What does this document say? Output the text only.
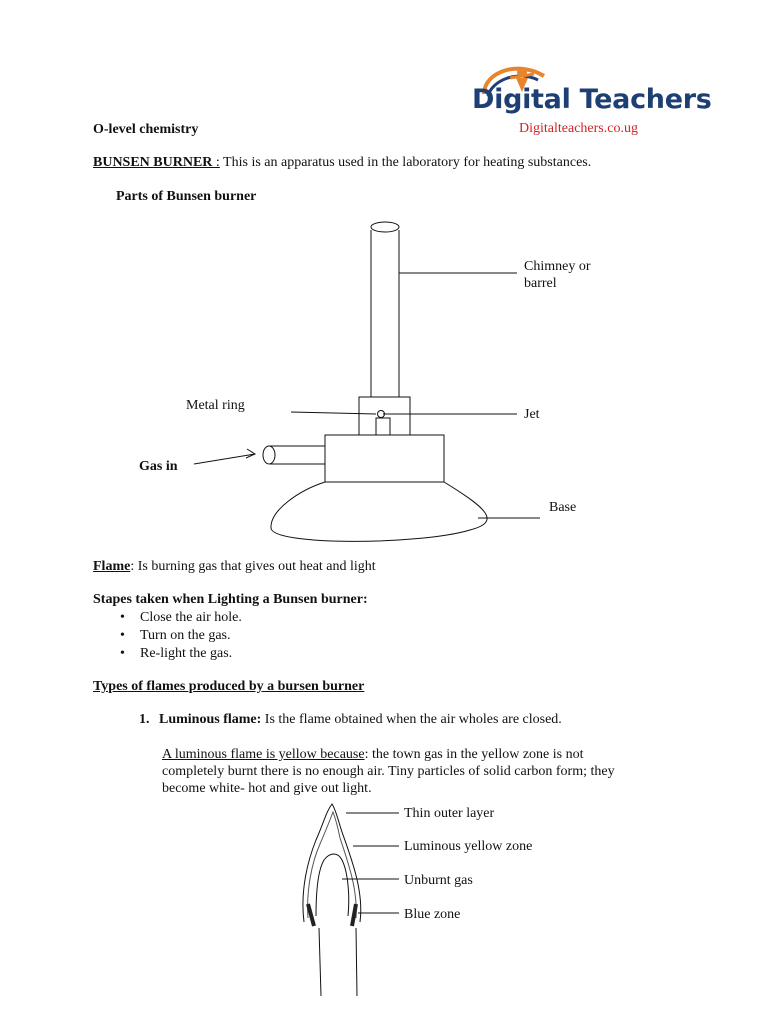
Digital Teachers
Digitalteachers.co.ug
O-level chemistry
BUNSEN BURNER : This is an apparatus used in the laboratory for heating substances.
Parts of Bunsen burner
Chimney or
barrel
Metal ring
Jet
Gas in
Base
Flame: Is burning gas that gives out heat and light
Stapes taken when Lighting a Bunsen burner:
• Close the air hole.
• Turn on the gas.
• Re-light the gas.
Types of flames produced by a bursen burner
1. Luminous flame: Is the flame obtained when the air wholes are closed.
A luminous flame is yellow because: the town gas in the yellow zone is not
completely burnt there is no enough air. Tiny particles of solid carbon form; they
become white- hot and give out light.
Thin outer layer
Luminous yellow zone
Unburnt gas
Blue zone
